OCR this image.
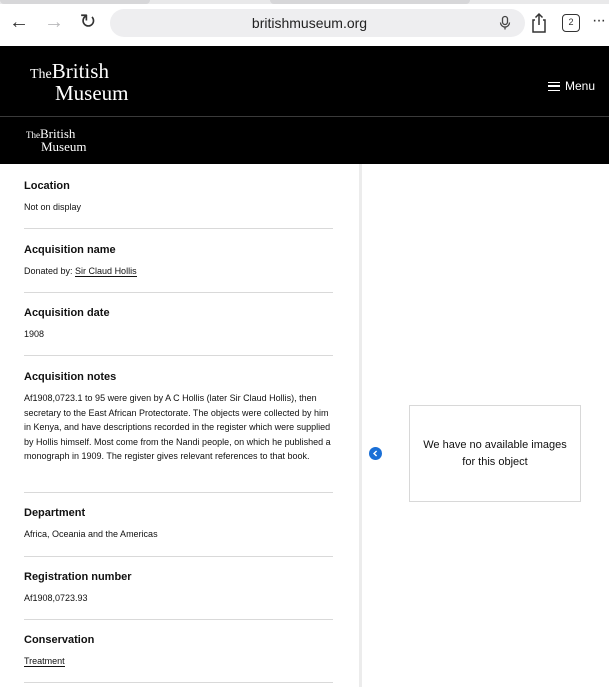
← → ↻	britishmuseum.org	2	···
TheBritish
Museum	Menu
TheBritish
Museum
Location
Not on display
Acquisition name
Donated by: Sir Claud Hollis
Acquisition date
1908
Acquisition notes
Af1908,0723.1 to 95 were given by A C Hollis (later Sir Claud Hollis), then secretary to the East African Protectorate. The objects were collected by him in Kenya, and have descriptions recorded in the register which were supplied by Hollis himself. Most come from the Nandi people, on which he published a monograph in 1909. The register gives relevant references to that book.
Department
Africa, Oceania and the Americas
Registration number
Af1908,0723.93
Conservation
Treatment
We have no available images
for this object
